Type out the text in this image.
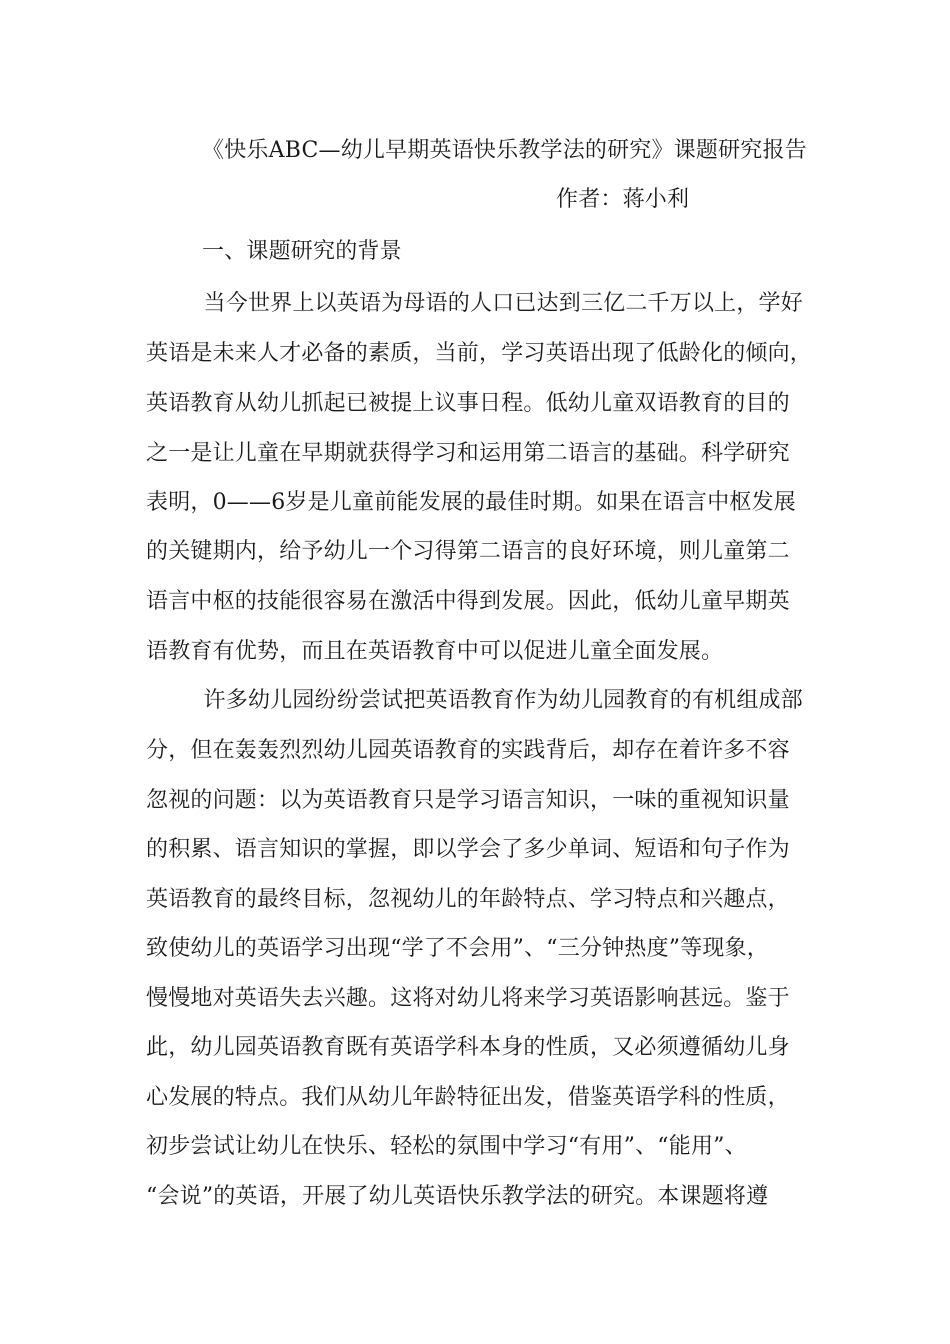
《快乐ABC—幼儿早期英语快乐教学法的研究》课题研究报告
作者：蒋小利
一、课题研究的背景
当今世界上以英语为母语的人口已达到三亿二千万以上，学好
英语是未来人才必备的素质，当前，学习英语出现了低龄化的倾向，
英语教育从幼儿抓起已被提上议事日程。低幼儿童双语教育的目的
之一是让儿童在早期就获得学习和运用第二语言的基础。科学研究
表明，0——6岁是儿童前能发展的最佳时期。如果在语言中枢发展
的关键期内，给予幼儿一个习得第二语言的良好环境，则儿童第二
语言中枢的技能很容易在激活中得到发展。因此，低幼儿童早期英
语教育有优势，而且在英语教育中可以促进儿童全面发展。
许多幼儿园纷纷尝试把英语教育作为幼儿园教育的有机组成部
分，但在轰轰烈烈幼儿园英语教育的实践背后，却存在着许多不容
忽视的问题：以为英语教育只是学习语言知识，一味的重视知识量
的积累、语言知识的掌握，即以学会了多少单词、短语和句子作为
英语教育的最终目标，忽视幼儿的年龄特点、学习特点和兴趣点，
致使幼儿的英语学习出现“学了不会用”、“三分钟热度”等现象，
慢慢地对英语失去兴趣。这将对幼儿将来学习英语影响甚远。鉴于
此，幼儿园英语教育既有英语学科本身的性质，又必须遵循幼儿身
心发展的特点。我们从幼儿年龄特征出发，借鉴英语学科的性质，
初步尝试让幼儿在快乐、轻松的氛围中学习“有用”、“能用”、
“会说”的英语，开展了幼儿英语快乐教学法的研究。本课题将遵
